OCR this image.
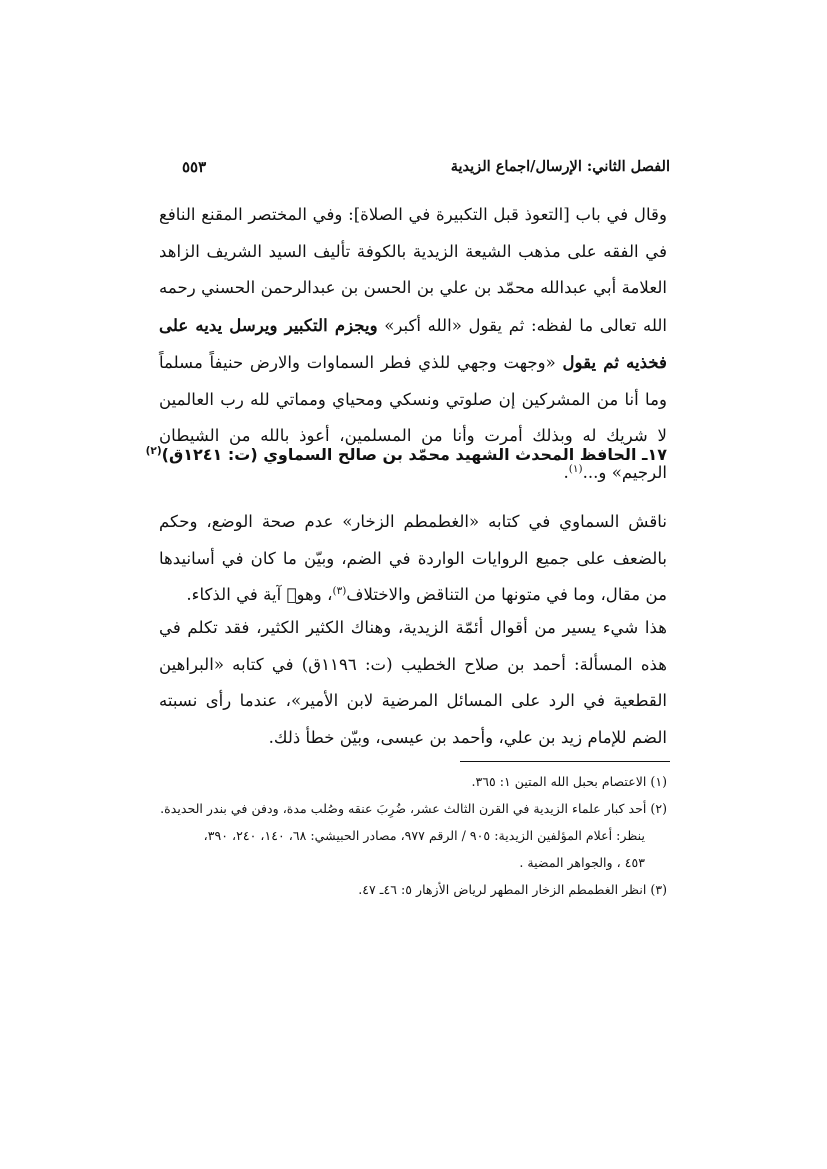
الفصل الثاني: الإرسال/اجماع الزيدية
٥٥٣

وقال في باب [التعوذ قبل التكبيرة في الصلاة]: وفي المختصر المقنع النافع في الفقه على مذهب الشيعة الزيدية بالكوفة تأليف السيد الشريف الزاهد العلامة أبي عبدالله محمّد بن علي بن الحسن بن عبدالرحمن الحسني رحمه الله تعالى ما لفظه: ثم يقول «الله أكبر» ويجزم التكبير ويرسل يديه على فخذيه ثم يقول «وجهت وجهي للذي فطر السماوات والارض حنيفاً مسلماً وما أنا من المشركين إن صلوتي ونسكي ومحياي ومماتي لله رب العالمين لا شريك له وبذلك أمرت وأنا من المسلمين، أعوذ بالله من الشيطان الرجيم» و...$^{(١)}$.

١٧ـ الحافظ المحدث الشهيد محمّد بن صالح السماوي (ت: ١٢٤١ق)$^{(٢)}$

ناقش السماوي في كتابه «الغطمطم الزخار» عدم صحة الوضع، وحكم بالضعف على جميع الروايات الواردة في الضم، وبيّن ما كان في أسانيدها من مقال، وما في متونها من التناقض والاختلاف$^{(٣)}$، وهو﷫ آية في الذكاء.

هذا شيء يسير من أقوال أئمّة الزيدية، وهناك الكثير الكثير، فقد تكلم في هذه المسألة: أحمد بن صلاح الخطيب (ت: ١١٩٦ق) في كتابه «البراهين القطعية في الرد على المسائل المرضية لابن الأمير»، عندما رأى نسبته الضم للإمام زيد بن علي، وأحمد بن عيسى، وبيّن خطأ ذلك.

(١) الاعتصام بحبل الله المتين ١: ٣٦٥.

(٢) أحد كبار علماء الزيدية في القرن الثالث عشر، ضُرِبَ عنقه وصُلب مدة، ودفن في بندر الحديدة.

ينظر: أعلام المؤلفين الزيدية: ٩٠٥ / الرقم ٩٧٧، مصادر الحبيشي: ٦٨، ١٤٠، ٢٤٠، ٣٩٠،

٤٥٣ ، والجواهر المضية .

(٣) انظر الغطمطم الزخار المطهر لرياض الأزهار ٥: ٤٦ـ ٤٧.
